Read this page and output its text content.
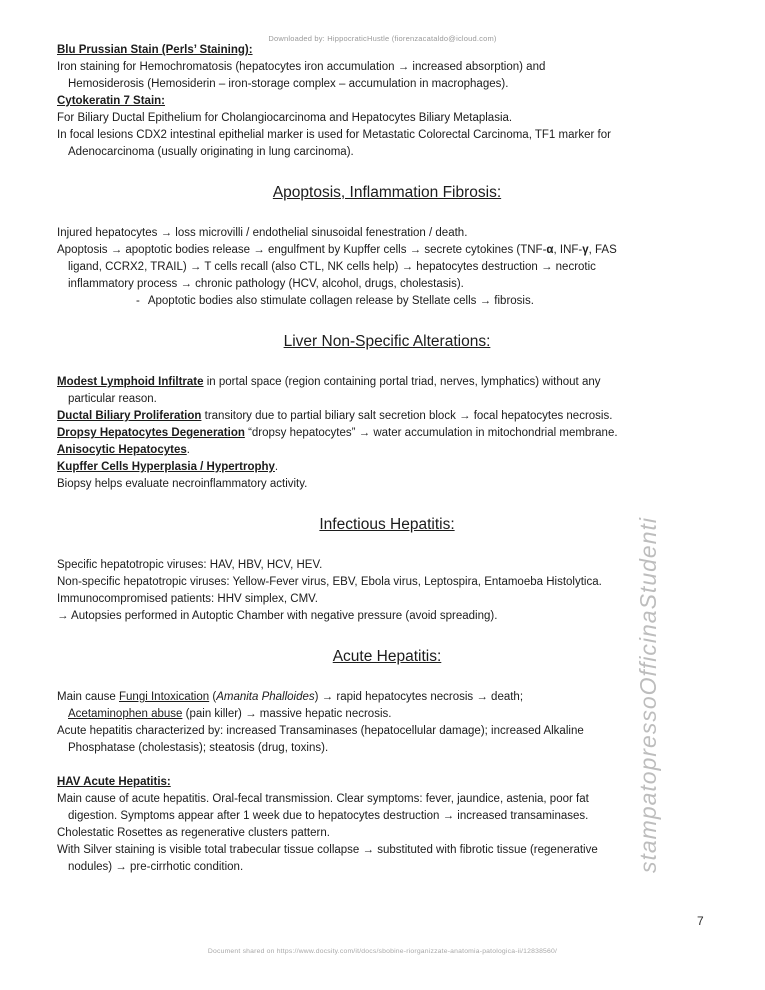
Downloaded by: HippocraticHustle (fiorenzacataldo@icloud.com)
Blu Prussian Stain (Perls’ Staining):
Iron staining for Hemochromatosis (hepatocytes iron accumulation → increased absorption) and
Hemosiderosis (Hemosiderin – iron-storage complex – accumulation in macrophages).
Cytokeratin 7 Stain:
For Biliary Ductal Epithelium for Cholangiocarcinoma and Hepatocytes Biliary Metaplasia.
In focal lesions CDX2 intestinal epithelial marker is used for Metastatic Colorectal Carcinoma, TF1 marker for
Adenocarcinoma (usually originating in lung carcinoma).
Apoptosis, Inflammation Fibrosis:
Injured hepatocytes → loss microvilli / endothelial sinusoidal fenestration / death.
Apoptosis → apoptotic bodies release → engulfment by Kupffer cells → secrete cytokines (TNF-α, INF-γ, FAS
ligand, CCRX2, TRAIL) → T cells recall (also CTL, NK cells help) → hepatocytes destruction → necrotic
inflammatory process → chronic pathology (HCV, alcohol, drugs, cholestasis).
- Apoptotic bodies also stimulate collagen release by Stellate cells → fibrosis.
Liver Non-Specific Alterations:
Modest Lymphoid Infiltrate in portal space (region containing portal triad, nerves, lymphatics) without any
particular reason.
Ductal Biliary Proliferation transitory due to partial biliary salt secretion block → focal hepatocytes necrosis.
Dropsy Hepatocytes Degeneration “dropsy hepatocytes” → water accumulation in mitochondrial membrane.
Anisocytic Hepatocytes.
Kupffer Cells Hyperplasia / Hypertrophy.
Biopsy helps evaluate necroinflammatory activity.
Infectious Hepatitis:
Specific hepatotropic viruses: HAV, HBV, HCV, HEV.
Non-specific hepatotropic viruses: Yellow-Fever virus, EBV, Ebola virus, Leptospira, Entamoeba Histolytica.
Immunocompromised patients: HHV simplex, CMV.
→ Autopsies performed in Autoptic Chamber with negative pressure (avoid spreading).
Acute Hepatitis:
Main cause Fungi Intoxication (Amanita Phalloides) → rapid hepatocytes necrosis → death;
Acetaminophen abuse (pain killer) → massive hepatic necrosis.
Acute hepatitis characterized by: increased Transaminases (hepatocellular damage); increased Alkaline
Phosphatase (cholestasis); steatosis (drug, toxins).
HAV Acute Hepatitis:
Main cause of acute hepatitis. Oral-fecal transmission. Clear symptoms: fever, jaundice, astenia, poor fat
digestion. Symptoms appear after 1 week due to hepatocytes destruction → increased transaminases.
Cholestatic Rosettes as regenerative clusters pattern.
With Silver staining is visible total trabecular tissue collapse → substituted with fibrotic tissue (regenerative
nodules) → pre-cirrhotic condition.	stampatopressoOfficinaStudenti
7
Document shared on https://www.docsity.com/it/docs/sbobine-riorganizzate-anatomia-patologica-ii/12838560/
